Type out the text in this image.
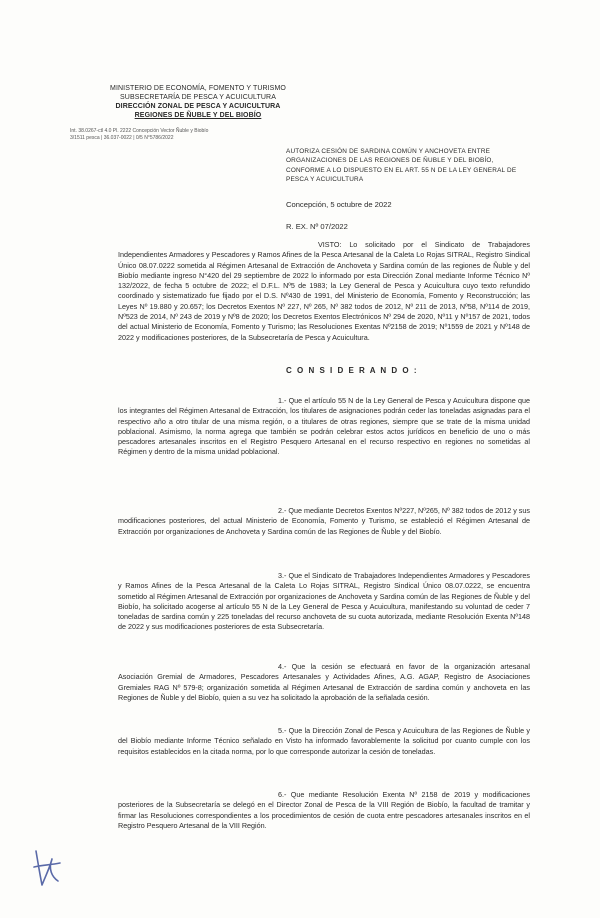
MINISTERIO DE ECONOMÍA, FOMENTO Y TURISMO
SUBSECRETARÍA DE PESCA Y ACUICULTURA
DIRECCIÓN ZONAL DE PESCA Y ACUICULTURA
REGIONES DE ÑUBLE Y DEL BIOBÍO
Int. 38.0267-ctl 4.0 Pl. 2222 Concepción Vector Ñuble y Biobío
3/1511 pesca | 36.037-0022 | 0/5 N°5786/2022
AUTORIZA CESIÓN DE SARDINA COMÚN Y ANCHOVETA ENTRE ORGANIZACIONES DE LAS REGIONES DE ÑUBLE Y DEL BIOBÍO, CONFORME A LO DISPUESTO EN EL ART. 55 N DE LA LEY GENERAL DE PESCA Y ACUICULTURA
Concepción, 5 octubre de 2022
R. EX. Nº 07/2022
VISTO: Lo solicitado por el Sindicato de Trabajadores Independientes Armadores y Pescadores y Ramos Afines de la Pesca Artesanal de la Caleta Lo Rojas SITRAL, Registro Sindical Único 08.07.0222 sometida al Régimen Artesanal de Extracción de Anchoveta y Sardina común de las regiones de Ñuble y del Biobío mediante ingreso N°420 del 29 septiembre de 2022 lo informado por esta Dirección Zonal mediante Informe Técnico Nº 132/2022, de fecha 5 octubre de 2022; el D.F.L. Nº5 de 1983; la Ley General de Pesca y Acuicultura cuyo texto refundido coordinado y sistematizado fue fijado por el D.S. Nº430 de 1991, del Ministerio de Economía, Fomento y Reconstrucción; las Leyes Nº 19.880 y 20.657; los Decretos Exentos Nº 227, Nº 265, Nº 382 todos de 2012, Nº 211 de 2013, Nº58, Nº114 de 2019, Nº523 de 2014, Nº 243 de 2019 y Nº8 de 2020; los Decretos Exentos Electrónicos Nº 294 de 2020, Nº11 y Nº157 de 2021, todos del actual Ministerio de Economía, Fomento y Turismo; las Resoluciones Exentas Nº2158 de 2019; Nº1559 de 2021 y Nº148 de 2022 y modificaciones posteriores, de la Subsecretaría de Pesca y Acuicultura.
C O N S I D E R A N D O :
1.- Que el artículo 55 N de la Ley General de Pesca y Acuicultura dispone que los integrantes del Régimen Artesanal de Extracción, los titulares de asignaciones podrán ceder las toneladas asignadas para el respectivo año a otro titular de una misma región, o a titulares de otras regiones, siempre que se trate de la misma unidad poblacional. Asimismo, la norma agrega que también se podrán celebrar estos actos jurídicos en beneficio de uno o más pescadores artesanales inscritos en el Registro Pesquero Artesanal en el recurso respectivo en regiones no sometidas al Régimen y dentro de la misma unidad poblacional.
2.- Que mediante Decretos Exentos Nº227, Nº265, Nº 382 todos de 2012 y sus modificaciones posteriores, del actual Ministerio de Economía, Fomento y Turismo, se estableció el Régimen Artesanal de Extracción por organizaciones de Anchoveta y Sardina común de las Regiones de Ñuble y del Biobío.
3.- Que el Sindicato de Trabajadores Independientes Armadores y Pescadores y Ramos Afines de la Pesca Artesanal de la Caleta Lo Rojas SITRAL, Registro Sindical Único 08.07.0222, se encuentra sometido al Régimen Artesanal de Extracción por organizaciones de Anchoveta y Sardina común de las Regiones de Ñuble y del Biobío, ha solicitado acogerse al artículo 55 N de la Ley General de Pesca y Acuicultura, manifestando su voluntad de ceder 7 toneladas de sardina común y 225 toneladas del recurso anchoveta de su cuota autorizada, mediante Resolución Exenta Nº148 de 2022 y sus modificaciones posteriores de esta Subsecretaría.
4.- Que la cesión se efectuará en favor de la organización artesanal Asociación Gremial de Armadores, Pescadores Artesanales y Actividades Afines, A.G. AGAP, Registro de Asociaciones Gremiales RAG Nº 579-8; organización sometida al Régimen Artesanal de Extracción de sardina común y anchoveta en las Regiones de Ñuble y del Biobío, quien a su vez ha solicitado la aprobación de la señalada cesión.
5.- Que la Dirección Zonal de Pesca y Acuicultura de las Regiones de Ñuble y del Biobío mediante Informe Técnico señalado en Visto ha informado favorablemente la solicitud por cuanto cumple con los requisitos establecidos en la citada norma, por lo que corresponde autorizar la cesión de toneladas.
6.- Que mediante Resolución Exenta Nº 2158 de 2019 y modificaciones posteriores de la Subsecretaría se delegó en el Director Zonal de Pesca de la VIII Región de Biobío, la facultad de tramitar y firmar las Resoluciones correspondientes a los procedimientos de cesión de cuota entre pescadores artesanales inscritos en el Registro Pesquero Artesanal de la VIII Región.
